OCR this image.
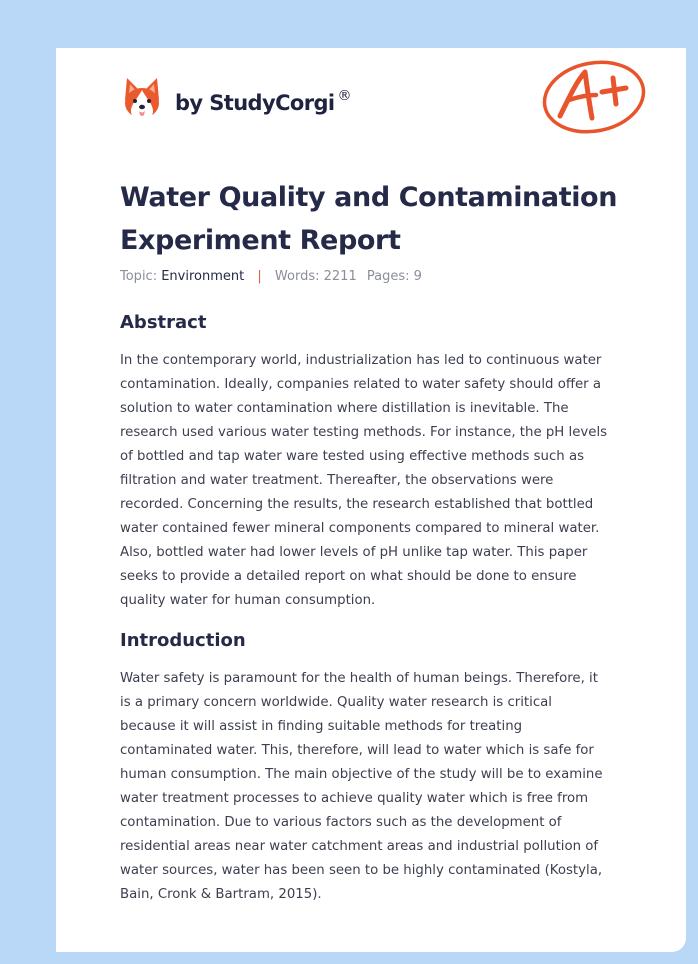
by StudyCorgi ®
Water Quality and Contamination Experiment Report
Topic: Environment | Words: 2211 Pages: 9
Abstract
In the contemporary world, industrialization has led to continuous water
contamination. Ideally, companies related to water safety should offer a
solution to water contamination where distillation is inevitable. The
research used various water testing methods. For instance, the pH levels
of bottled and tap water ware tested using effective methods such as
filtration and water treatment. Thereafter, the observations were
recorded. Concerning the results, the research established that bottled
water contained fewer mineral components compared to mineral water.
Also, bottled water had lower levels of pH unlike tap water. This paper
seeks to provide a detailed report on what should be done to ensure
quality water for human consumption.
Introduction
Water safety is paramount for the health of human beings. Therefore, it
is a primary concern worldwide. Quality water research is critical
because it will assist in finding suitable methods for treating
contaminated water. This, therefore, will lead to water which is safe for
human consumption. The main objective of the study will be to examine
water treatment processes to achieve quality water which is free from
contamination. Due to various factors such as the development of
residential areas near water catchment areas and industrial pollution of
water sources, water has been seen to be highly contaminated (Kostyla,
Bain, Cronk & Bartram, 2015).
